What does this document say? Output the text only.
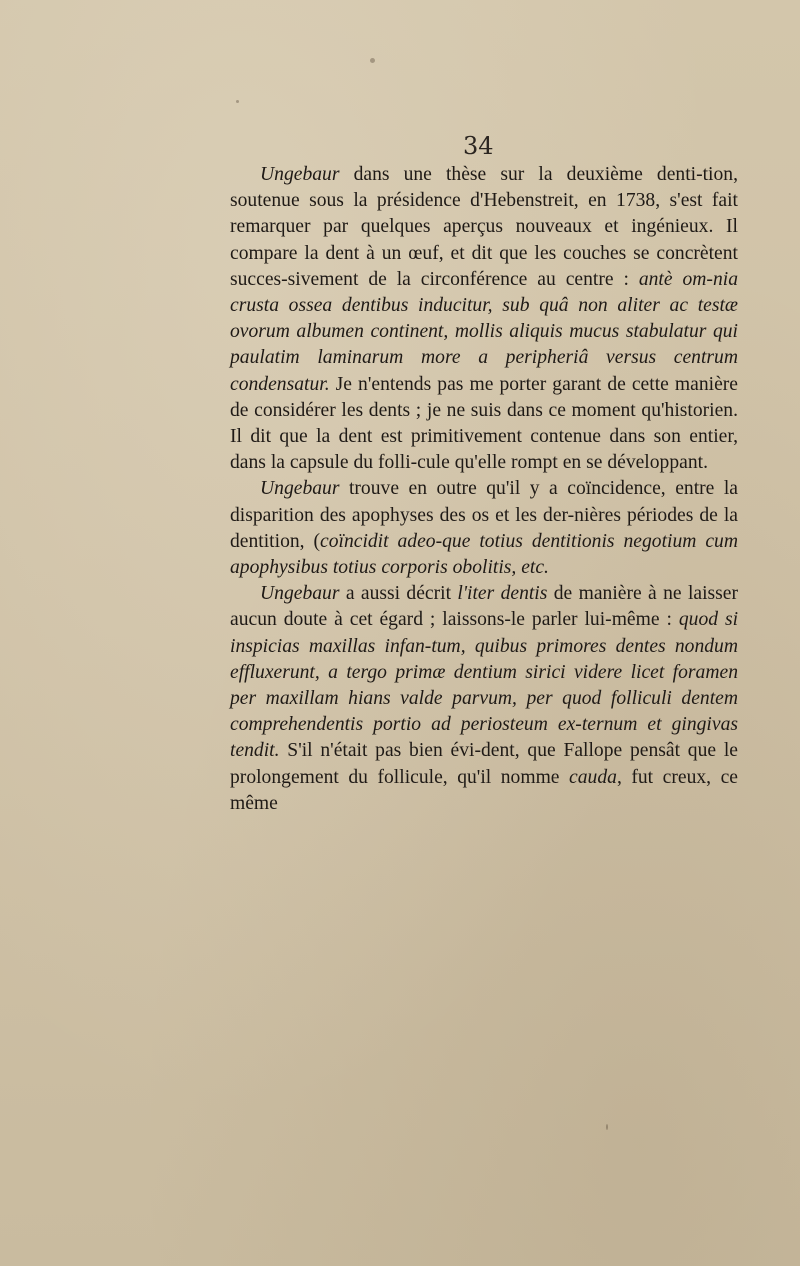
34

Ungebaur dans une thèse sur la deuxième denti-tion, soutenue sous la présidence d'Hebenstreit, en 1738, s'est fait remarquer par quelques aperçus nouveaux et ingénieux. Il compare la dent à un œuf, et dit que les couches se concrètent succes-sivement de la circonférence au centre : antè om-nia crusta ossea dentibus inducitur, sub quâ non aliter ac testæ ovorum albumen continent, mollis aliquis mucus stabulatur qui paulatim laminarum more a peripheriâ versus centrum condensatur. Je n'entends pas me porter garant de cette manière de considérer les dents ; je ne suis dans ce moment qu'historien. Il dit que la dent est primitivement contenue dans son entier, dans la capsule du folli-cule qu'elle rompt en se développant.

Ungebaur trouve en outre qu'il y a coïncidence, entre la disparition des apophyses des os et les der-nières périodes de la dentition, (coïncidit adeo-que totius dentitionis negotium cum apophysibus totius corporis obolitis, etc.

Ungebaur a aussi décrit l'iter dentis de manière à ne laisser aucun doute à cet égard ; laissons-le parler lui-même : quod si inspicias maxillas infan-tum, quibus primores dentes nondum effluxerunt, a tergo primæ dentium sirici videre licet foramen per maxillam hians valde parvum, per quod folliculi dentem comprehendentis portio ad periosteum ex-ternum et gingivas tendit. S'il n'était pas bien évi-dent, que Fallope pensât que le prolongement du follicule, qu'il nomme cauda, fut creux, ce même
